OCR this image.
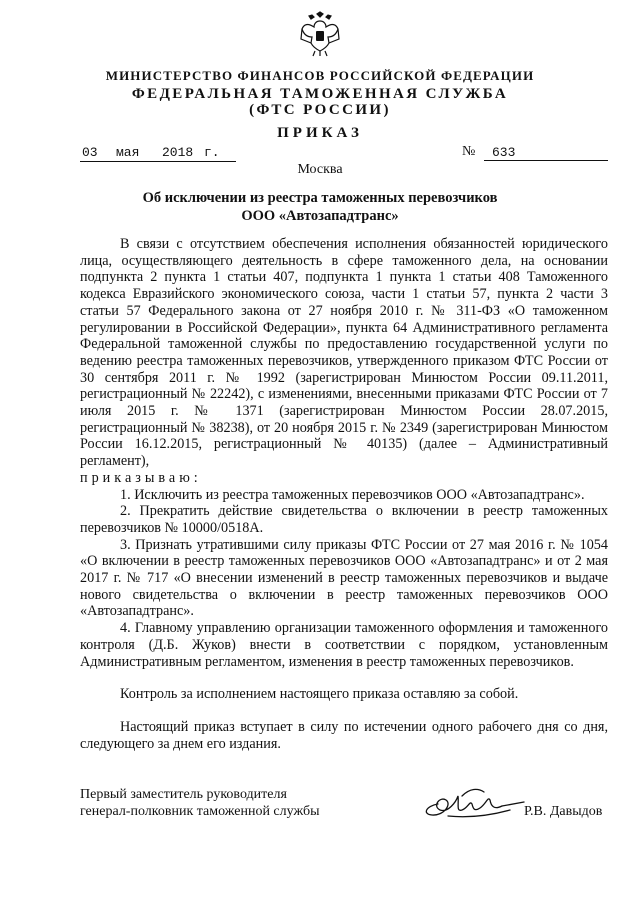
МИНИСТЕРСТВО ФИНАНСОВ РОССИЙСКОЙ ФЕДЕРАЦИИ
ФЕДЕРАЛЬНАЯ ТАМОЖЕННАЯ СЛУЖБА
(ФТС РОССИИ)
ПРИКАЗ
03 мая 2018 г.	№ 633
Москва
Об исключении из реестра таможенных перевозчиков
ООО «Автозападтранс»

В связи с отсутствием обеспечения исполнения обязанностей юридического лица, осуществляющего деятельность в сфере таможенного дела, на основании подпункта 2 пункта 1 статьи 407, подпункта 1 пункта 1 статьи 408 Таможенного кодекса Евразийского экономического союза, части 1 статьи 57, пункта 2 части 3 статьи 57 Федерального закона от 27 ноября 2010 г. № 311-ФЗ «О таможенном регулировании в Российской Федерации», пункта 64 Административного регламента Федеральной таможенной службы по предоставлению государственной услуги по ведению реестра таможенных перевозчиков, утвержденного приказом ФТС России от 30 сентября 2011 г. № 1992 (зарегистрирован Минюстом России 09.11.2011, регистрационный № 22242), с изменениями, внесенными приказами ФТС России от 7 июля 2015 г. № 1371 (зарегистрирован Минюстом России 28.07.2015, регистрационный № 38238), от 20 ноября 2015 г. № 2349 (зарегистрирован Минюстом России 16.12.2015, регистрационный № 40135) (далее – Административный регламент),

приказываю:

1. Исключить из реестра таможенных перевозчиков ООО «Автозападтранс».

2. Прекратить действие свидетельства о включении в реестр таможенных перевозчиков № 10000/0518А.

3. Признать утратившими силу приказы ФТС России от 27 мая 2016 г. № 1054 «О включении в реестр таможенных перевозчиков ООО «Автозападтранс» и от 2 мая 2017 г. № 717 «О внесении изменений в реестр таможенных перевозчиков и выдаче нового свидетельства о включении в реестр таможенных перевозчиков ООО «Автозападтранс».

4. Главному управлению организации таможенного оформления и таможенного контроля (Д.Б. Жуков) внести в соответствии с порядком, установленным Административным регламентом, изменения в реестр таможенных перевозчиков.

Контроль за исполнением настоящего приказа оставляю за собой.

Настоящий приказ вступает в силу по истечении одного рабочего дня со дня, следующего за днем его издания.

Первый заместитель руководителя
генерал-полковник таможенной службы	Р.В. Давыдов
